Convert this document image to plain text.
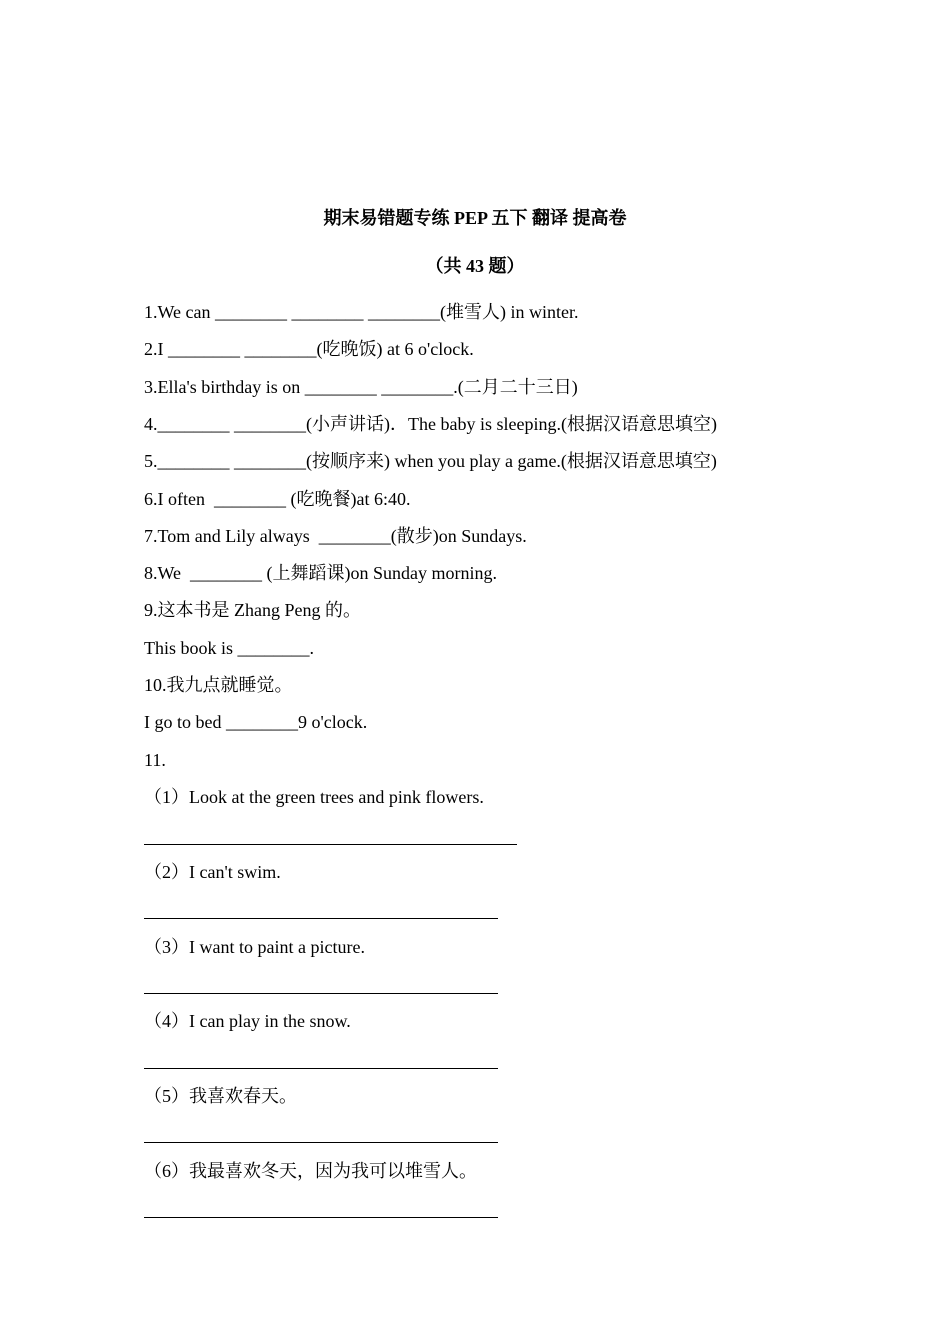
期末易错题专练 PEP 五下 翻译 提高卷
（共 43 题）
1.We can ________ ________ ________(堆雪人) in winter.
2.I ________ ________(吃晚饭) at 6 o'clock.
3.Ella's birthday is on ________ ________.(二月二十三日)
4.________ ________(小声讲话)．The baby is sleeping.(根据汉语意思填空)
5.________ ________(按顺序来) when you play a game.(根据汉语意思填空)
6.I often  ________ (吃晚餐)at 6:40.
7.Tom and Lily always  ________(散步)on Sundays.
8.We  ________ (上舞蹈课)on Sunday morning.
9.这本书是 Zhang Peng 的。
This book is ________.
10.我九点就睡觉。
I go to bed ________9 o'clock.
11.
（1）Look at the green trees and pink flowers.
（2）I can't swim.
（3）I want to paint a picture.
（4）I can play in the snow.
（5）我喜欢春天。
（6）我最喜欢冬天，因为我可以堆雪人。
